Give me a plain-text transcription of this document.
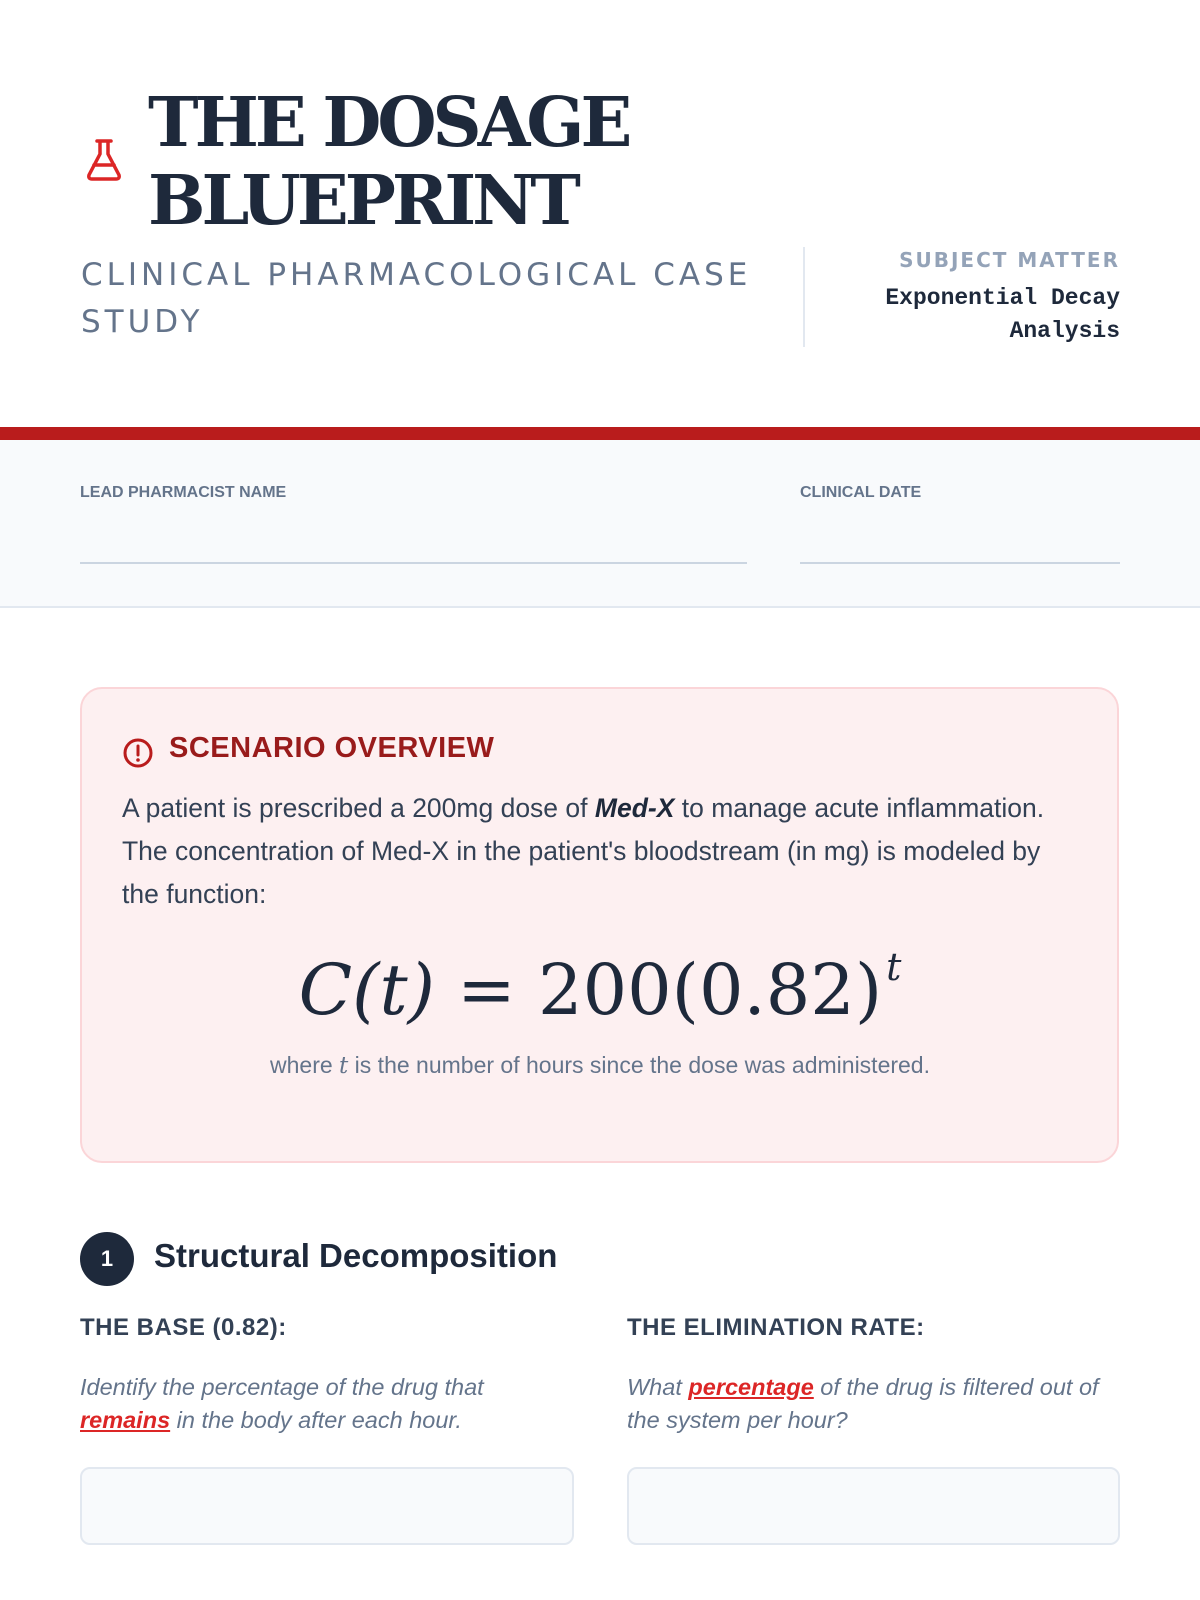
THE DOSAGE
BLUEPRINT
CLINICAL PHARMACOLOGICAL CASE STUDY
SUBJECT MATTER
Exponential Decay Analysis
LEAD PHARMACIST NAME	CLINICAL DATE
SCENARIO OVERVIEW
A patient is prescribed a 200mg dose of Med-X to manage acute inflammation. The concentration of Med-X in the patient's bloodstream (in mg) is modeled by the function:
C(t) = 200(0.82) $^t$
where t is the number of hours since the dose was administered.
1	Structural Decomposition
THE BASE (0.82):
Identify the percentage of the drug that remains in the body after each hour.
THE ELIMINATION RATE:
What percentage of the drug is filtered out of the system per hour?
